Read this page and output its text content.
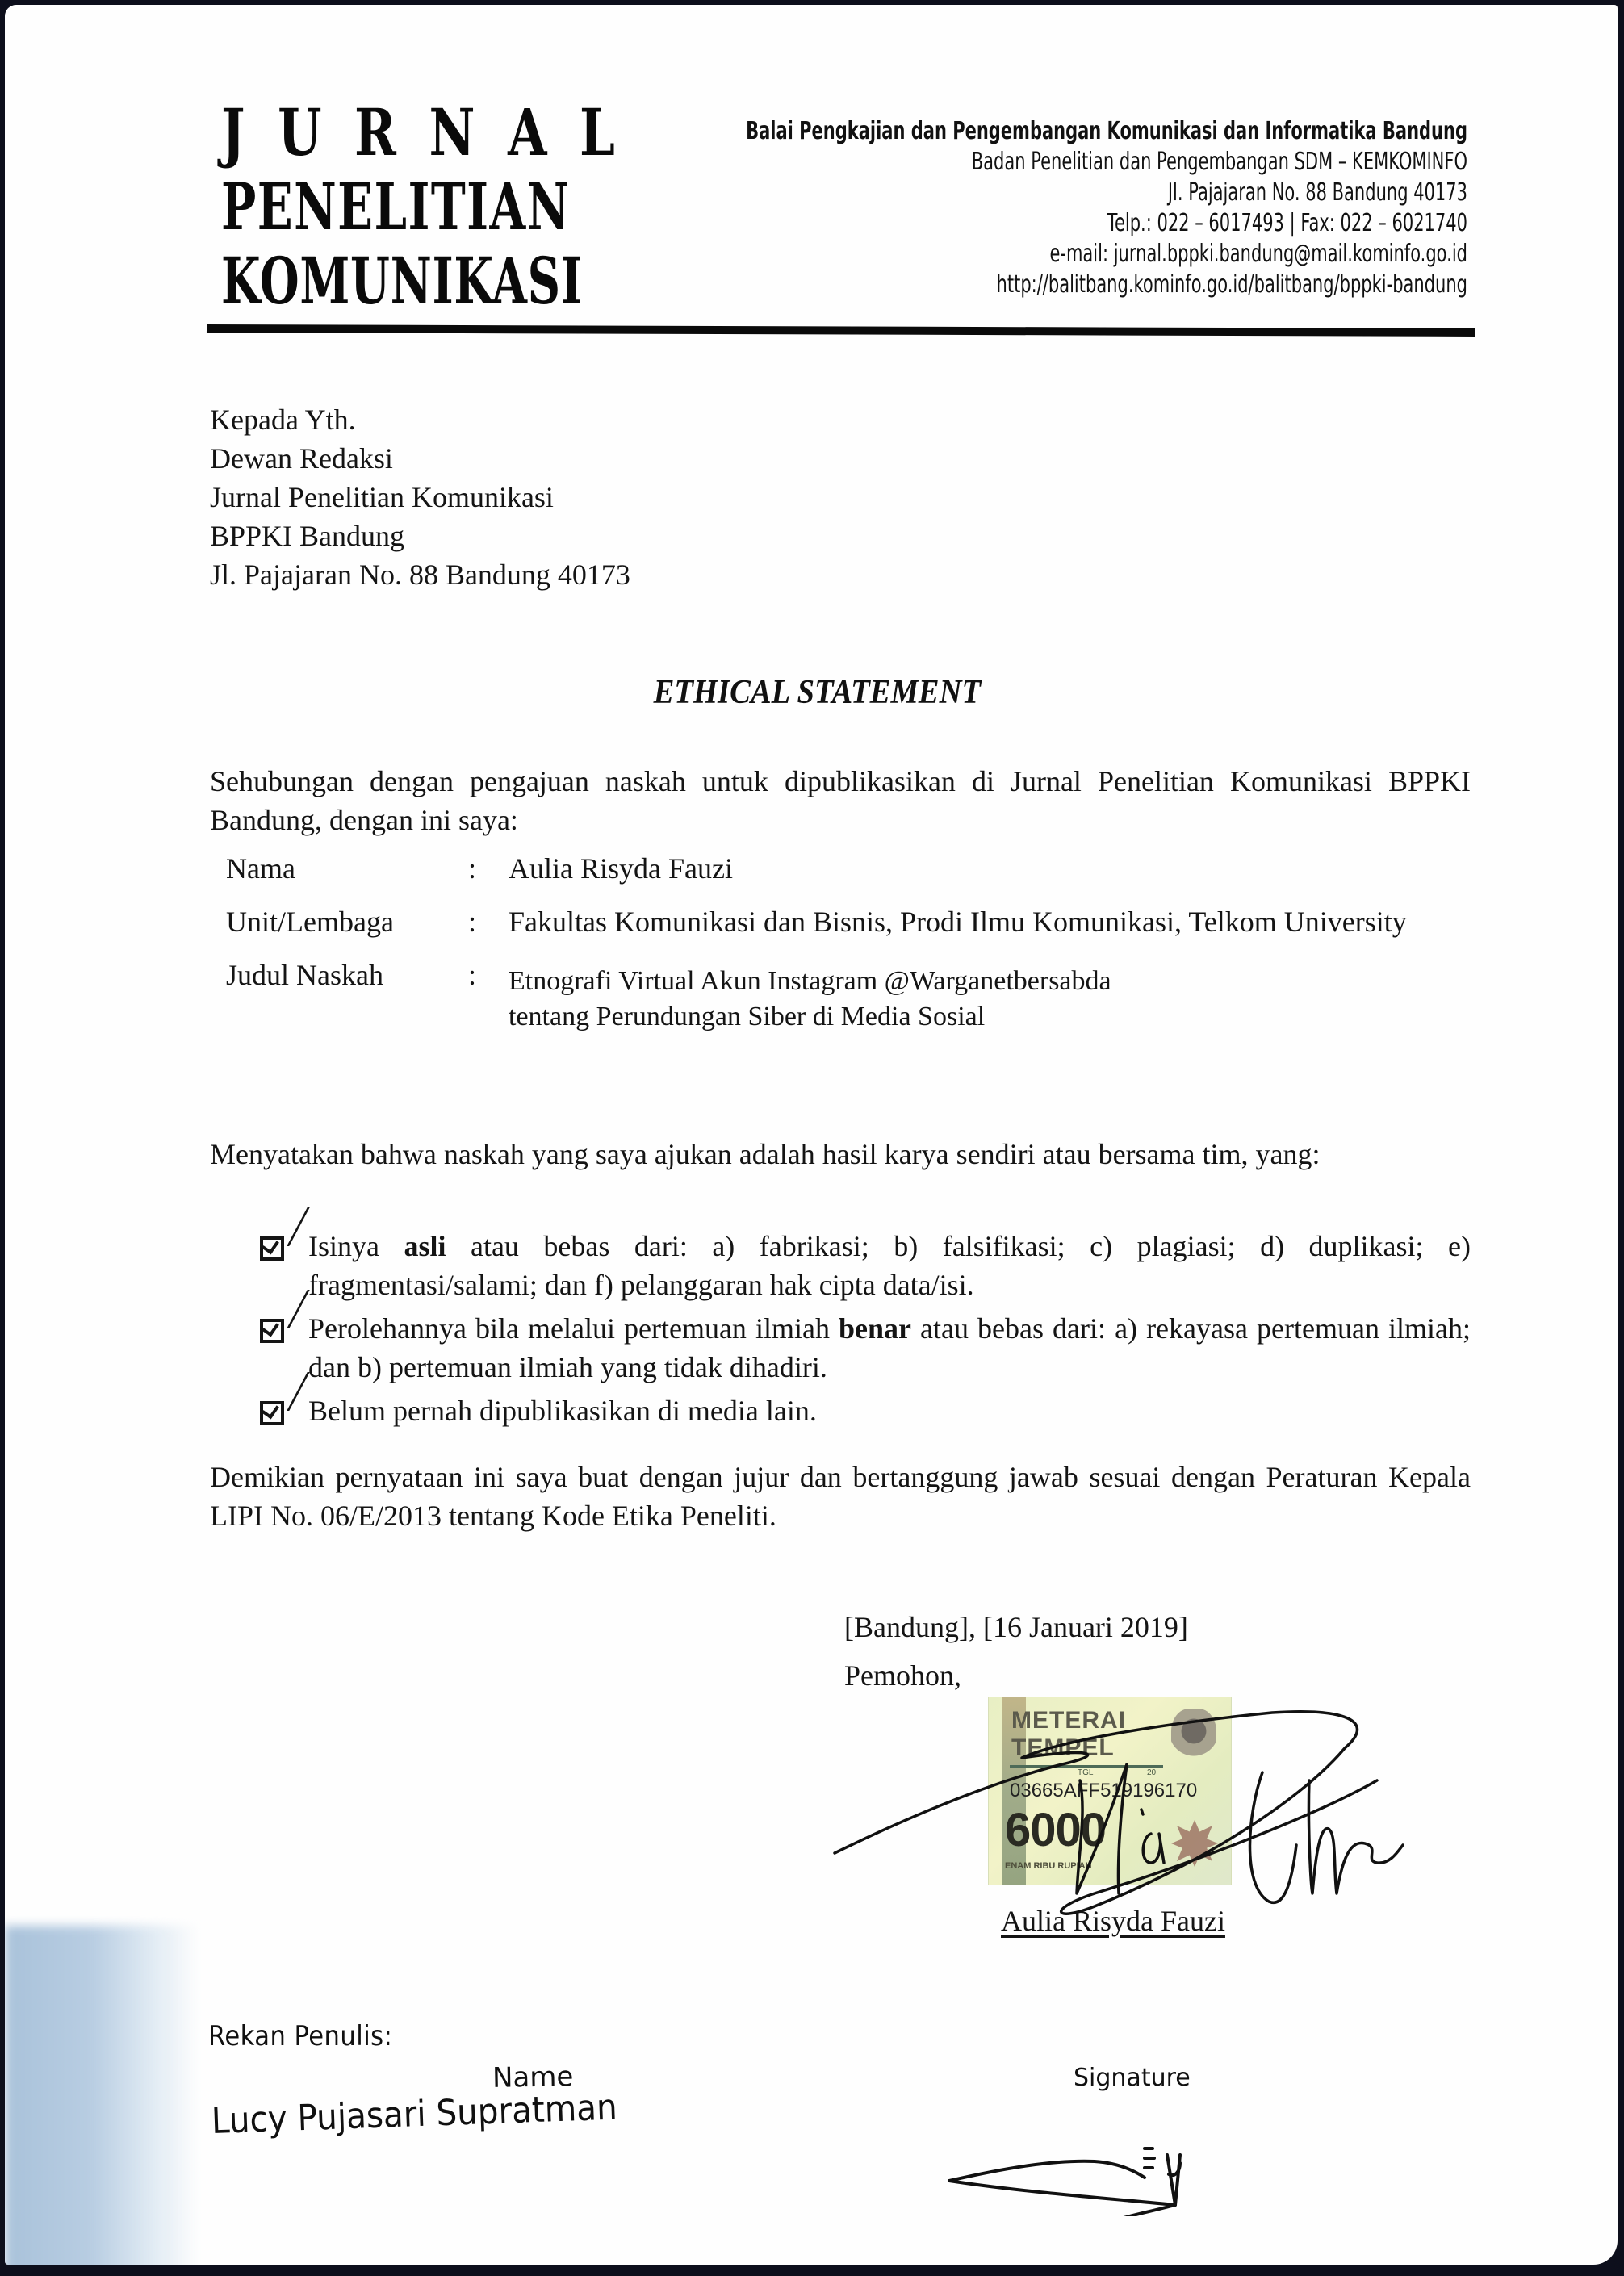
JURNAL
PENELITIAN
KOMUNIKASI
Balai Pengkajian dan Pengembangan Komunikasi dan Informatika Bandung
Badan Penelitian dan Pengembangan SDM – KEMKOMINFO
Jl. Pajajaran No. 88 Bandung 40173
Telp.: 022 – 6017493 | Fax: 022 – 6021740
e-mail: jurnal.bppki.bandung@mail.kominfo.go.id
http://balitbang.kominfo.go.id/balitbang/bppki-bandung
Kepada Yth.
Dewan Redaksi
Jurnal Penelitian Komunikasi
BPPKI Bandung
Jl. Pajajaran No. 88 Bandung 40173
ETHICAL STATEMENT
Sehubungan dengan pengajuan naskah untuk dipublikasikan di Jurnal Penelitian Komunikasi BPPKI Bandung, dengan ini saya:
Nama	:	Aulia Risyda Fauzi
Unit/Lembaga	:	Fakultas Komunikasi dan Bisnis, Prodi Ilmu Komunikasi, Telkom University
Judul Naskah	:	Etnografi Virtual Akun Instagram @Warganetbersabda
tentang Perundungan Siber di Media Sosial
Menyatakan bahwa naskah yang saya ajukan adalah hasil karya sendiri atau bersama tim, yang:
Isinya asli atau bebas dari: a) fabrikasi; b) falsifikasi; c) plagiasi; d) duplikasi; e) fragmentasi/salami; dan f) pelanggaran hak cipta data/isi.
Perolehannya bila melalui pertemuan ilmiah benar atau bebas dari: a) rekayasa pertemuan ilmiah; dan b) pertemuan ilmiah yang tidak dihadiri.
Belum pernah dipublikasikan di media lain.
Demikian pernyataan ini saya buat dengan jujur dan bertanggung jawab sesuai dengan Peraturan Kepala LIPI No. 06/E/2013 tentang Kode Etika Peneliti.
[Bandung], [16 Januari 2019]
Pemohon,
METERAI
TEMPEL
TGL	20
03665AFF519196170
6000
ENAM RIBU RUPIAH
Aulia Risyda Fauzi
Rekan Penulis:
Name
Lucy Pujasari Supratman
Signature
